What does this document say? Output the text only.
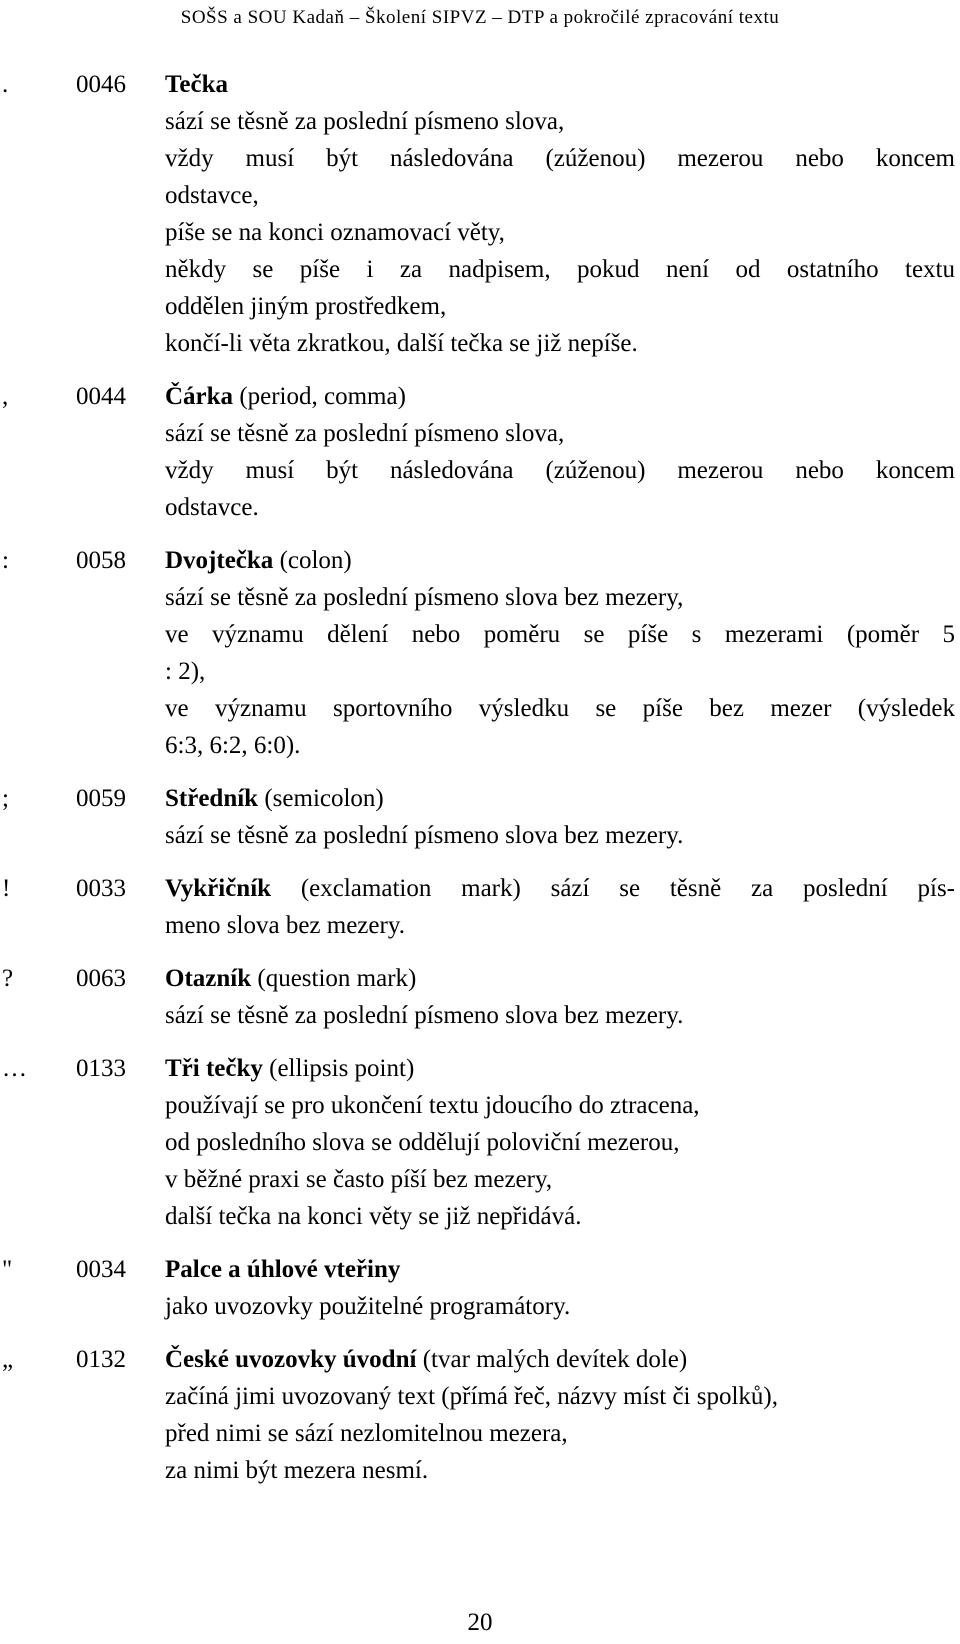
SOŠS a SOU Kadaň – Školení SIPVZ – DTP a pokročilé zpracování textu
.	0046 Tečka
sází se těsně za poslední písmeno slova,
vždy musí být následována (zúženou) mezerou nebo koncem
odstavce,
píše se na konci oznamovací věty,
někdy se píše i za nadpisem, pokud není od ostatního textu
oddělen jiným prostředkem,
končí-li věta zkratkou, další tečka se již nepíše.
,	0044 Čárka (period, comma)
sází se těsně za poslední písmeno slova,
vždy musí být následována (zúženou) mezerou nebo koncem
odstavce.
:	0058 Dvojtečka (colon)
sází se těsně za poslední písmeno slova bez mezery,
ve významu dělení nebo poměru se píše s mezerami (poměr 5
: 2),
ve významu sportovního výsledku se píše bez mezer (výsledek
6:3, 6:2, 6:0).
;	0059 Středník (semicolon)
sází se těsně za poslední písmeno slova bez mezery.
!	0033 Vykřičník (exclamation mark) sází se těsně za poslední pís-
meno slova bez mezery.
?	0063 Otazník (question mark)
sází se těsně za poslední písmeno slova bez mezery.
…	0133 Tři tečky (ellipsis point)
používají se pro ukončení textu jdoucího do ztracena,
od posledního slova se oddělují poloviční mezerou,
v běžné praxi se často píší bez mezery,
další tečka na konci věty se již nepřidává.
"	0034 Palce a úhlové vteřiny
jako uvozovky použitelné programátory.
„	0132 České uvozovky úvodní (tvar malých devítek dole)
začíná jimi uvozovaný text (přímá řeč, názvy míst či spolků),
před nimi se sází nezlomitelnou mezera,
za nimi být mezera nesmí.
20
